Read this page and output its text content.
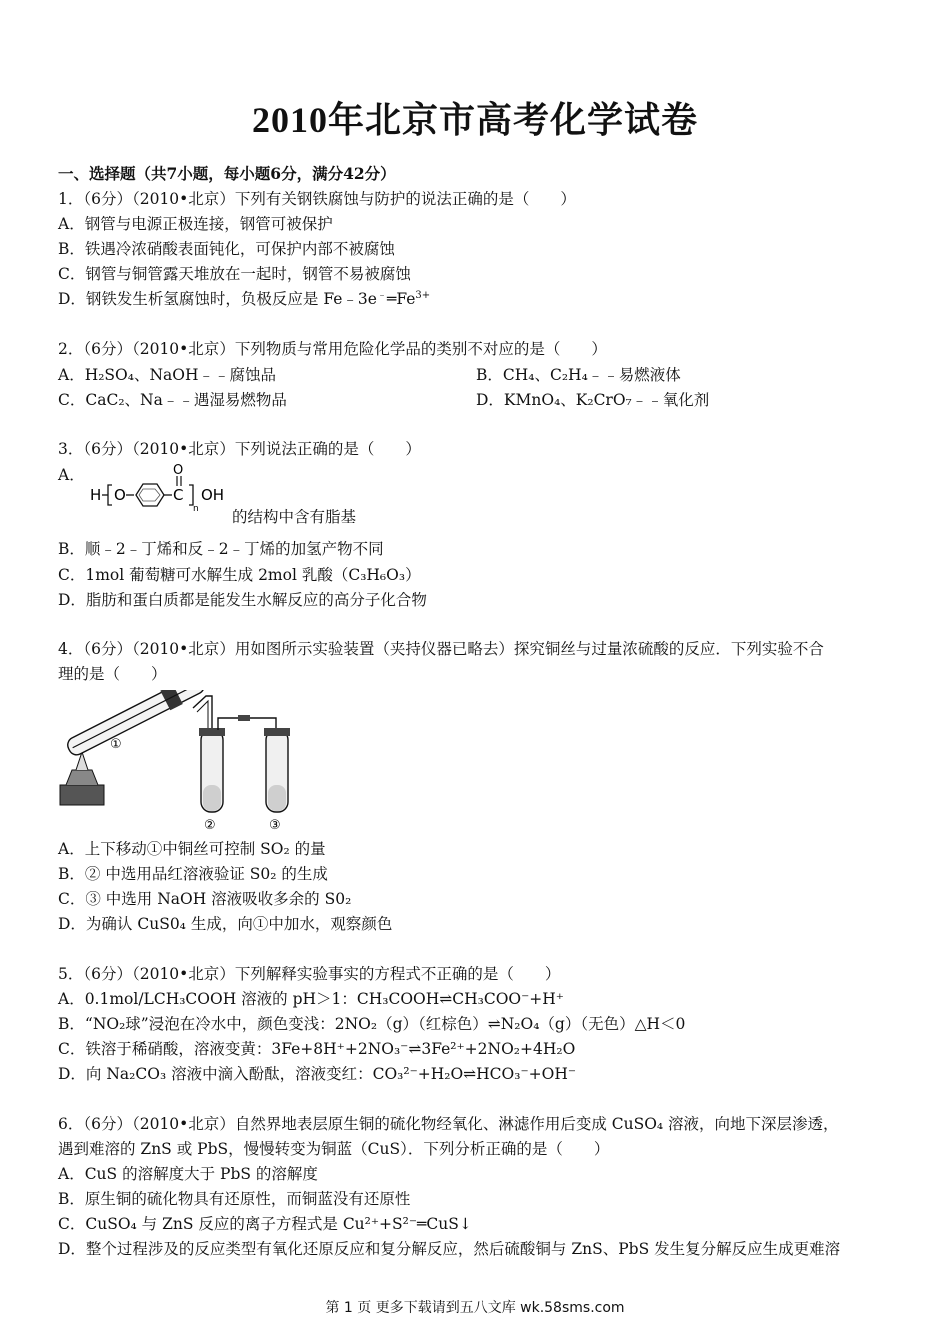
2010年北京市高考化学试卷
一、选择题（共7小题，每小题6分，满分42分）
1．（6分）（2010•北京）下列有关钢铁腐蚀与防护的说法正确的是（　　）
A．钢管与电源正极连接，钢管可被保护
B．铁遇冷浓硝酸表面钝化，可保护内部不被腐蚀
C．钢管与铜管露天堆放在一起时，钢管不易被腐蚀
D．钢铁发生析氢腐蚀时，负极反应是 $Fe﹣3e^﹣═Fe^{3+}$
2．（6分）（2010•北京）下列物质与常用危险化学品的类别不对应的是（　　）
A．H₂SO₄、NaOH﹣﹣腐蚀品	B．CH₄、C₂H₄﹣﹣易燃液体
C．CaC₂、Na﹣﹣遇湿易燃物品	D．KMnO₄、K₂CrO₇﹣﹣氧化剂
3．（6分）（2010•北京）下列说法正确的是（　　）
A．
H O	C
O
n
OH
的结构中含有脂基
B．顺﹣2﹣丁烯和反﹣2﹣丁烯的加氢产物不同
C．1mol 葡萄糖可水解生成 2mol 乳酸（C₃H₆O₃）
D．脂肪和蛋白质都是能发生水解反应的高分子化合物
4．（6分）（2010•北京）用如图所示实验装置（夹持仪器已略去）探究铜丝与过量浓硫酸的反应．下列实验不合
理的是（　　）
①
②	③
A．上下移动①中铜丝可控制 SO₂ 的量
B．② 中选用品红溶液验证 S0₂ 的生成
C．③ 中选用 NaOH 溶液吸收多余的 S0₂
D．为确认 CuS0₄ 生成，向①中加水，观察颜色
5．（6分）（2010•北京）下列解释实验事实的方程式不正确的是（　　）
A．0.1mol/LCH₃COOH 溶液的 pH＞1：CH₃COOH⇌CH₃COO⁻+H⁺
B．“NO₂球”浸泡在冷水中，颜色变浅：2NO₂（g）（红棕色）⇌N₂O₄（g）（无色）△H＜0
C．铁溶于稀硝酸，溶液变黄：3Fe+8H⁺+2NO₃⁻⇌3Fe²⁺+2NO₂+4H₂O
D．向 Na₂CO₃ 溶液中滴入酚酞，溶液变红：CO₃²⁻+H₂O⇌HCO₃⁻+OH⁻
6．（6分）（2010•北京）自然界地表层原生铜的硫化物经氧化、淋滤作用后变成 CuSO₄ 溶液，向地下深层渗透，
遇到难溶的 ZnS 或 PbS，慢慢转变为铜蓝（CuS）．下列分析正确的是（　　）
A．CuS 的溶解度大于 PbS 的溶解度
B．原生铜的硫化物具有还原性，而铜蓝没有还原性
C．CuSO₄ 与 ZnS 反应的离子方程式是 Cu²⁺+S²⁻═CuS↓
D．整个过程涉及的反应类型有氧化还原反应和复分解反应，然后硫酸铜与 ZnS、PbS 发生复分解反应生成更难溶
第 1 页 更多下载请到五八文库 wk.58sms.com
